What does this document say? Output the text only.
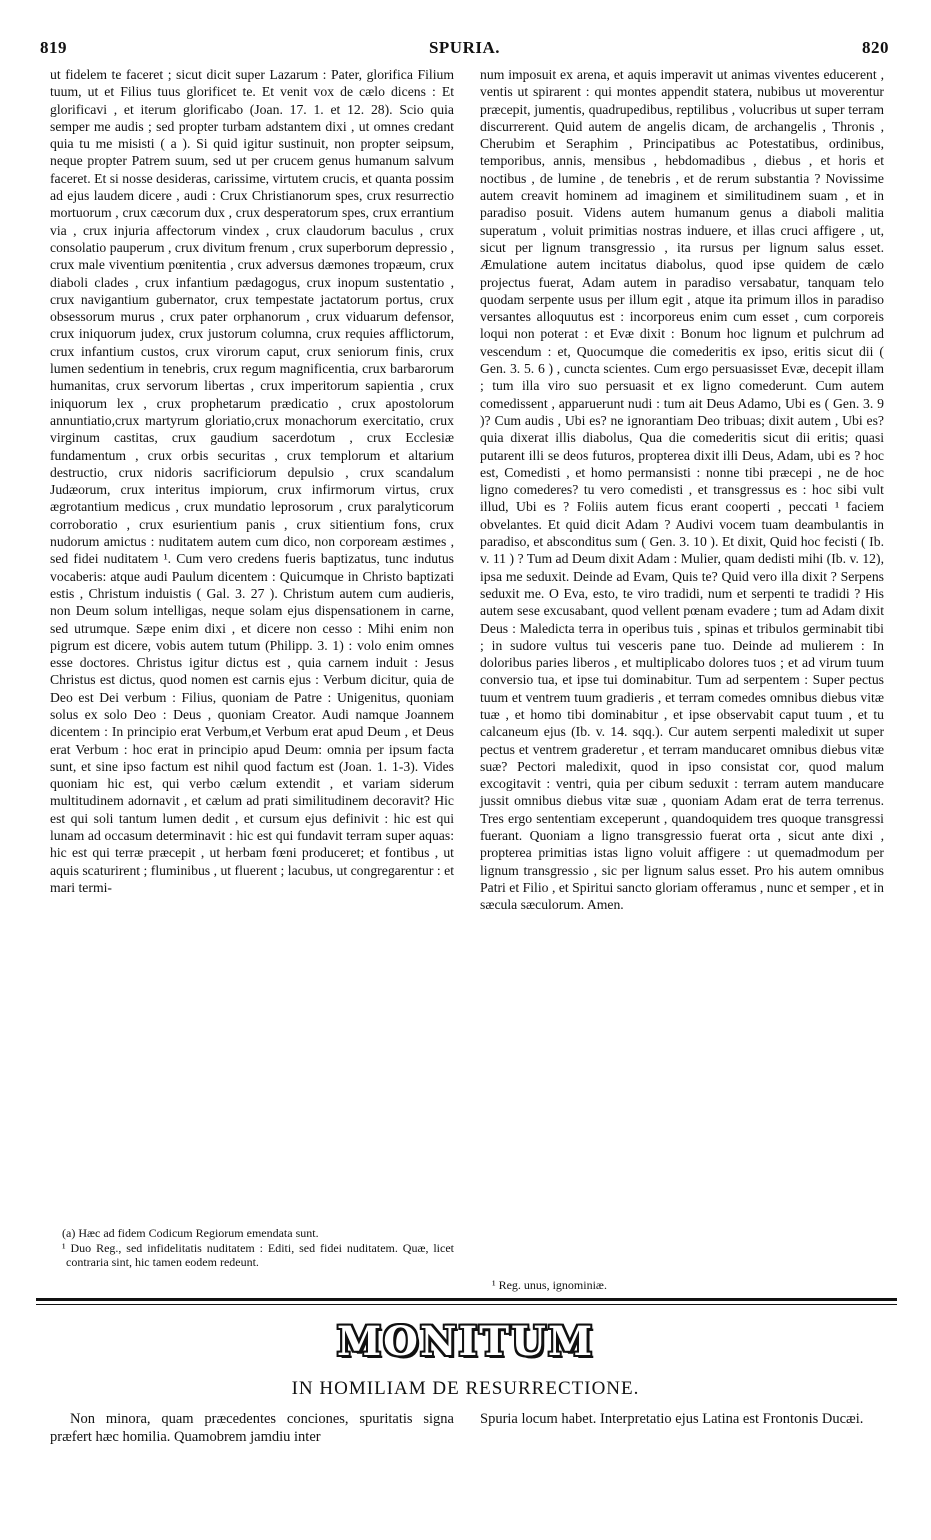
819	SPURIA.	820

ut fidelem te faceret ; sicut dicit super Lazarum : Pater, glorifica Filium tuum, ut et Filius tuus glorificet te. Et venit vox de cælo dicens : Et glorificavi , et iterum glorificabo (Joan. 17. 1. et 12. 28). Scio quia semper me audis ; sed propter turbam adstantem dixi , ut omnes credant quia tu me misisti ( a ). Si quid igitur sustinuit, non propter seipsum, neque propter Patrem suum, sed ut per crucem genus humanum salvum faceret. Et si nosse desideras, carissime, virtutem crucis, et quanta possim ad ejus laudem dicere , audi : Crux Christianorum spes, crux resurrectio mortuorum , crux cæcorum dux , crux desperatorum spes, crux errantium via , crux injuria affectorum vindex , crux claudorum baculus , crux consolatio pauperum , crux divitum frenum , crux superborum depressio , crux male viventium pœnitentia , crux adversus dæmones tropæum, crux diaboli clades , crux infantium pædagogus, crux inopum sustentatio , crux navigantium gubernator, crux tempestate jactatorum portus, crux obsessorum murus , crux pater orphanorum , crux viduarum defensor, crux iniquorum judex, crux justorum columna, crux requies afflictorum, crux infantium custos, crux virorum caput, crux seniorum finis, crux lumen sedentium in tenebris, crux regum magnificentia, crux barbarorum humanitas, crux servorum libertas , crux imperitorum sapientia , crux iniquorum lex , crux prophetarum prædicatio , crux apostolorum annuntiatio,crux martyrum gloriatio,crux monachorum exercitatio, crux virginum castitas, crux gaudium sacerdotum , crux Ecclesiæ fundamentum , crux orbis securitas , crux templorum et altarium destructio, crux nidoris sacrificiorum depulsio , crux scandalum Judæorum, crux interitus impiorum, crux infirmorum virtus, crux ægrotantium medicus , crux mundatio leprosorum , crux paralyticorum corroboratio , crux esurientium panis , crux sitientium fons, crux nudorum amictus : nuditatem autem cum dico, non corpoream æstimes , sed fidei nuditatem ¹. Cum vero credens fueris baptizatus, tunc indutus vocaberis: atque audi Paulum dicentem : Quicumque in Christo baptizati estis , Christum induistis ( Gal. 3. 27 ). Christum autem cum audieris, non Deum solum intelligas, neque solam ejus dispensationem in carne, sed utrumque. Sæpe enim dixi , et dicere non cesso : Mihi enim non pigrum est dicere, vobis autem tutum (Philipp. 3. 1) : volo enim omnes esse doctores. Christus igitur dictus est , quia carnem induit : Jesus Christus est dictus, quod nomen est carnis ejus : Verbum dicitur, quia de Deo est Dei verbum : Filius, quoniam de Patre : Unigenitus, quoniam solus ex solo Deo : Deus , quoniam Creator. Audi namque Joannem dicentem : In principio erat Verbum,et Verbum erat apud Deum , et Deus erat Verbum : hoc erat in principio apud Deum: omnia per ipsum facta sunt, et sine ipso factum est nihil quod factum est (Joan. 1. 1-3). Vides quoniam hic est, qui verbo cælum extendit , et variam siderum multitudinem adornavit , et cælum ad prati similitudinem decoravit? Hic est qui soli tantum lumen dedit , et cursum ejus definivit : hic est qui lunam ad occasum determinavit : hic est qui fundavit terram super aquas: hic est qui terræ præcepit , ut herbam fœni produceret; et fontibus , ut aquis scaturirent ; fluminibus , ut fluerent ; lacubus, ut congregarentur : et mari termi-

num imposuit ex arena, et aquis imperavit ut animas viventes educerent , ventis ut spirarent : qui montes appendit statera, nubibus ut moverentur præcepit, jumentis, quadrupedibus, reptilibus , volucribus ut super terram discurrerent. Quid autem de angelis dicam, de archangelis , Thronis , Cherubim et Seraphim , Principatibus ac Potestatibus, ordinibus, temporibus, annis, mensibus , hebdomadibus , diebus , et horis et noctibus , de lumine , de tenebris , et de rerum substantia ? Novissime autem creavit hominem ad imaginem et similitudinem suam , et in paradiso posuit. Videns autem humanum genus a diaboli malitia superatum , voluit primitias nostras induere, et illas cruci affigere , ut, sicut per lignum transgressio , ita rursus per lignum salus esset. Æmulatione autem incitatus diabolus, quod ipse quidem de cælo projectus fuerat, Adam autem in paradiso versabatur, tanquam telo quodam serpente usus per illum egit , atque ita primum illos in paradiso versantes alloquutus est : incorporeus enim cum esset , cum corporeis loqui non poterat : et Evæ dixit : Bonum hoc lignum et pulchrum ad vescendum : et, Quocumque die comederitis ex ipso, eritis sicut dii ( Gen. 3. 5. 6 ) , cuncta scientes. Cum ergo persuasisset Evæ, decepit illam ; tum illa viro suo persuasit et ex ligno comederunt. Cum autem comedissent , apparuerunt nudi : tum ait Deus Adamo, Ubi es ( Gen. 3. 9 )? Cum audis , Ubi es? ne ignorantiam Deo tribuas; dixit autem , Ubi es? quia dixerat illis diabolus, Qua die comederitis sicut dii eritis; quasi putarent illi se deos futuros, propterea dixit illi Deus, Adam, ubi es ? hoc est, Comedisti , et homo permansisti : nonne tibi præcepi , ne de hoc ligno comederes? tu vero comedisti , et transgressus es : hoc sibi vult illud, Ubi es ? Foliis autem ficus erant cooperti , peccati ¹ faciem obvelantes. Et quid dicit Adam ? Audivi vocem tuam deambulantis in paradiso, et absconditus sum ( Gen. 3. 10 ). Et dixit, Quid hoc fecisti ( Ib. v. 11 ) ? Tum ad Deum dixit Adam : Mulier, quam dedisti mihi (Ib. v. 12), ipsa me seduxit. Deinde ad Evam, Quis te? Quid vero illa dixit ? Serpens seduxit me. O Eva, esto, te viro tradidi, num et serpenti te tradidi ? His autem sese excusabant, quod vellent pœnam evadere ; tum ad Adam dixit Deus : Maledicta terra in operibus tuis , spinas et tribulos germinabit tibi ; in sudore vultus tui vesceris pane tuo. Deinde ad mulierem : In doloribus paries liberos , et multiplicabo dolores tuos ; et ad virum tuum conversio tua, et ipse tui dominabitur. Tum ad serpentem : Super pectus tuum et ventrem tuum gradieris , et terram comedes omnibus diebus vitæ tuæ , et homo tibi dominabitur , et ipse observabit caput tuum , et tu calcaneum ejus (Ib. v. 14. sqq.). Cur autem serpenti maledixit ut super pectus et ventrem graderetur , et terram manducaret omnibus diebus vitæ suæ? Pectori maledixit, quod in ipso consistat cor, quod malum excogitavit : ventri, quia per cibum seduxit : terram autem manducare jussit omnibus diebus vitæ suæ , quoniam Adam erat de terra terrenus. Tres ergo sententiam exceperunt , quandoquidem tres quoque transgressi fuerant. Quoniam a ligno transgressio fuerat orta , sicut ante dixi , propterea primitias istas ligno voluit affigere : ut quemadmodum per lignum transgressio , sic per lignum salus esset. Pro his autem omnibus Patri et Filio , et Spiritui sancto gloriam offeramus , nunc et semper , et in sæcula sæculorum. Amen.

(a) Hæc ad fidem Codicum Regiorum emendata sunt.

¹ Duo Reg., sed infidelitatis nuditatem : Editi, sed fidei nuditatem. Quæ, licet contraria sint, hic tamen eodem redeunt.

¹ Reg. unus, ignominiæ.

MONITUM
IN HOMILIAM DE RESURRECTIONE.

Non minora, quam præcedentes conciones, spuritatis signa præfert hæc homilia. Quamobrem jamdiu inter

Spuria locum habet. Interpretatio ejus Latina est Frontonis Ducæi.
